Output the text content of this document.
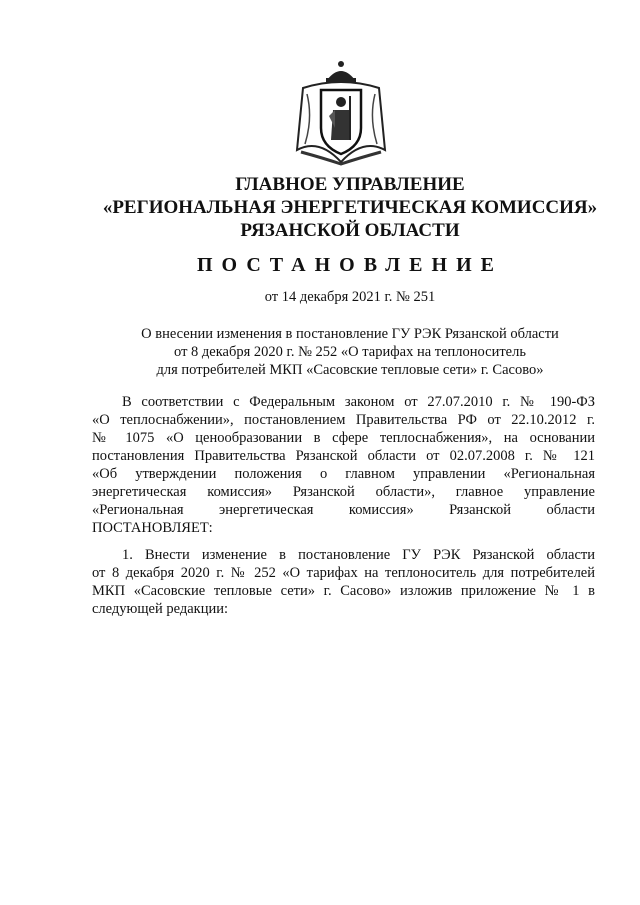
ГЛАВНОЕ УПРАВЛЕНИЕ
«РЕГИОНАЛЬНАЯ ЭНЕРГЕТИЧЕСКАЯ КОМИССИЯ»
РЯЗАНСКОЙ ОБЛАСТИ
ПОСТАНОВЛЕНИЕ
от 14 декабря 2021 г. № 251
О внесении изменения в постановление ГУ РЭК Рязанской области
от 8 декабря 2020 г. № 252 «О тарифах на теплоноситель
для потребителей МКП «Сасовские тепловые сети» г. Сасово»
В соответствии с Федеральным законом от 27.07.2010 г. № 190-ФЗ
«О теплоснабжении», постановлением Правительства РФ от 22.10.2012 г.
№ 1075 «О ценообразовании в сфере теплоснабжения», на основании
постановления Правительства Рязанской области от 02.07.2008 г. № 121
«Об утверждении положения о главном управлении «Региональная
энергетическая комиссия» Рязанской области», главное управление
«Региональная энергетическая комиссия» Рязанской области
ПОСТАНОВЛЯЕТ:
1. Внести изменение в постановление ГУ РЭК Рязанской области
от 8 декабря 2020 г. № 252 «О тарифах на теплоноситель для потребителей
МКП «Сасовские тепловые сети» г. Сасово» изложив приложение № 1 в
следующей редакции:
